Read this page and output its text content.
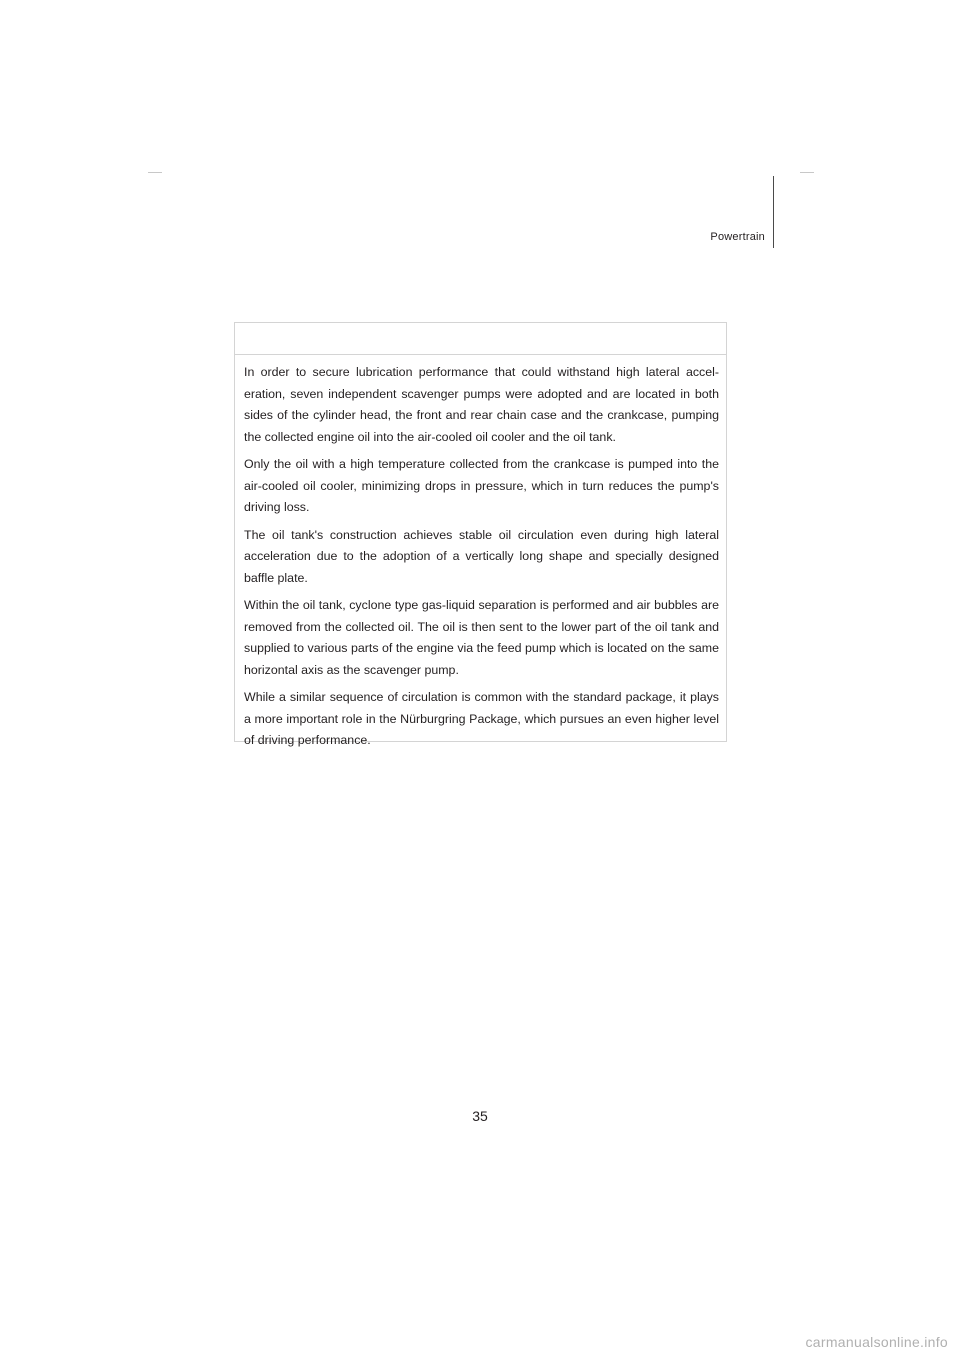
Powertrain

In order to secure lubrication performance that could withstand high lateral accel-eration, seven independent scavenger pumps were adopted and are located in both sides of the cylinder head, the front and rear chain case and the crankcase, pumping the collected engine oil into the air-cooled oil cooler and the oil tank.

Only the oil with a high temperature collected from the crankcase is pumped into the air-cooled oil cooler, minimizing drops in pressure, which in turn reduces the pump's driving loss.

The oil tank's construction achieves stable oil circulation even during high lateral acceleration due to the adoption of a vertically long shape and specially designed baffle plate.

Within the oil tank, cyclone type gas-liquid separation is performed and air bubbles are removed from the collected oil. The oil is then sent to the lower part of the oil tank and supplied to various parts of the engine via the feed pump which is located on the same horizontal axis as the scavenger pump.

While a similar sequence of circulation is common with the standard package, it plays a more important role in the Nürburgring Package, which pursues an even higher level of driving performance.

35
carmanualsonline.info
